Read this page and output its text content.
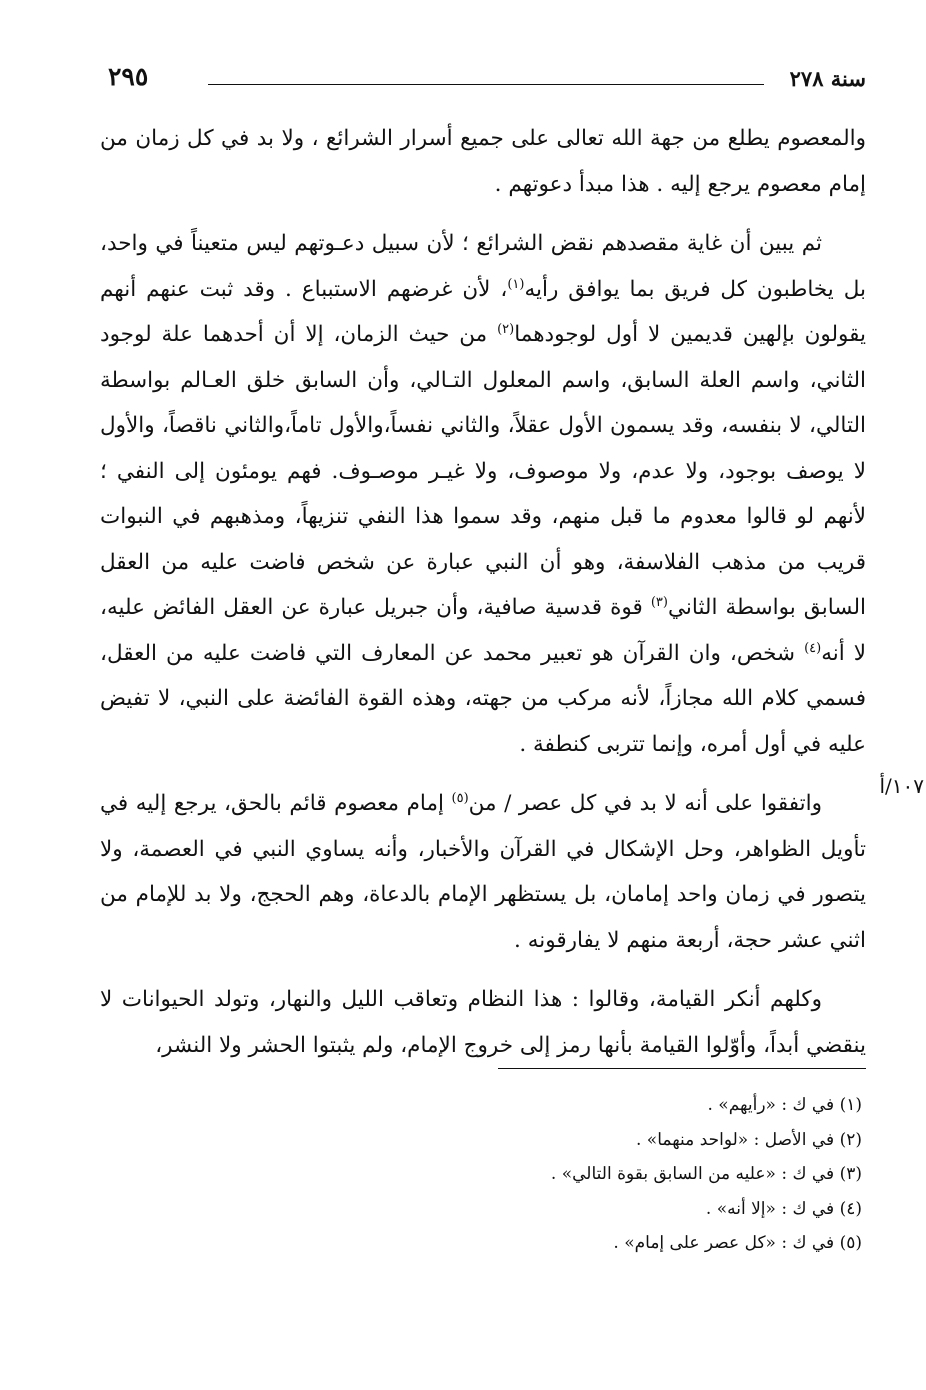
سنة ٢٧٨
٢٩٥

والمعصوم يطلع من جهة الله تعالى على جميع أسرار الشرائع ، ولا بد في كل زمان من إمام معصوم يرجع إليه . هذا مبدأ دعوتهم .

ثم يبين أن غاية مقصدهم نقض الشرائع ؛ لأن سبيل دعـوتهم ليس متعيناً في واحد، بل يخاطبون كل فريق بما يوافق رأيه$^{(١)}$، لأن غرضهم الاستبباع . وقد ثبت عنهم أنهم يقولون بإلهين قديمين لا أول لوجودهما$^{(٢)}$ من حيث الزمان، إلا أن أحدهما علة لوجود الثاني، واسم العلة السابق، واسم المعلول التـالي، وأن السابق خلق العـالم بواسطة التالي، لا بنفسه، وقد يسمون الأول عقلاً، والثاني نفساً،والأول تاماً،والثاني ناقصاً، والأول لا يوصف بوجود، ولا عدم، ولا موصوف، ولا غيـر موصـوف. فهم يومئون إلى النفي ؛ لأنهم لو قالوا معدوم ما قبل منهم، وقد سموا هذا النفي تنزيهاً، ومذهبهم في النبوات قريب من مذهب الفلاسفة، وهو أن النبي عبارة عن شخص فاضت عليه من العقل السابق بواسطة الثاني$^{(٣)}$ قوة قدسية صافية، وأن جبريل عبارة عن العقل الفائض عليه، لا أنه$^{(٤)}$ شخص، وان القرآن هو تعبير محمد عن المعارف التي فاضت عليه من العقل، فسمي كلام الله مجازاً، لأنه مركب من جهته، وهذه القوة الفائضة على النبي، لا تفيض عليه في أول أمره، وإنما تتربى كنطفة .

واتفقوا على أنه لا بد في كل عصر / من$^{(٥)}$ إمام معصوم قائم بالحق، يرجع إليه في تأويل الظواهر، وحل الإشكال في القرآن والأخبار، وأنه يساوي النبي في العصمة، ولا يتصور في زمان واحد إمامان، بل يستظهر الإمام بالدعاة، وهم الحجج، ولا بد للإمام من اثني عشر حجة، أربعة منهم لا يفارقونه .

وكلهم أنكر القيامة، وقالوا : هذا النظام وتعاقب الليل والنهار، وتولد الحيوانات لا ينقضي أبداً، وأوّلوا القيامة بأنها رمز إلى خروج الإمام، ولم يثبتوا الحشر ولا النشر،

١٠٧/أ
(١) في ك : «رأيهم» .
(٢) في الأصل : «لواحد منهما» .
(٣) في ك : «عليه من السابق بقوة التالي» .
(٤) في ك : «إلا أنه» .
(٥) في ك : «كل عصر على إمام» .
